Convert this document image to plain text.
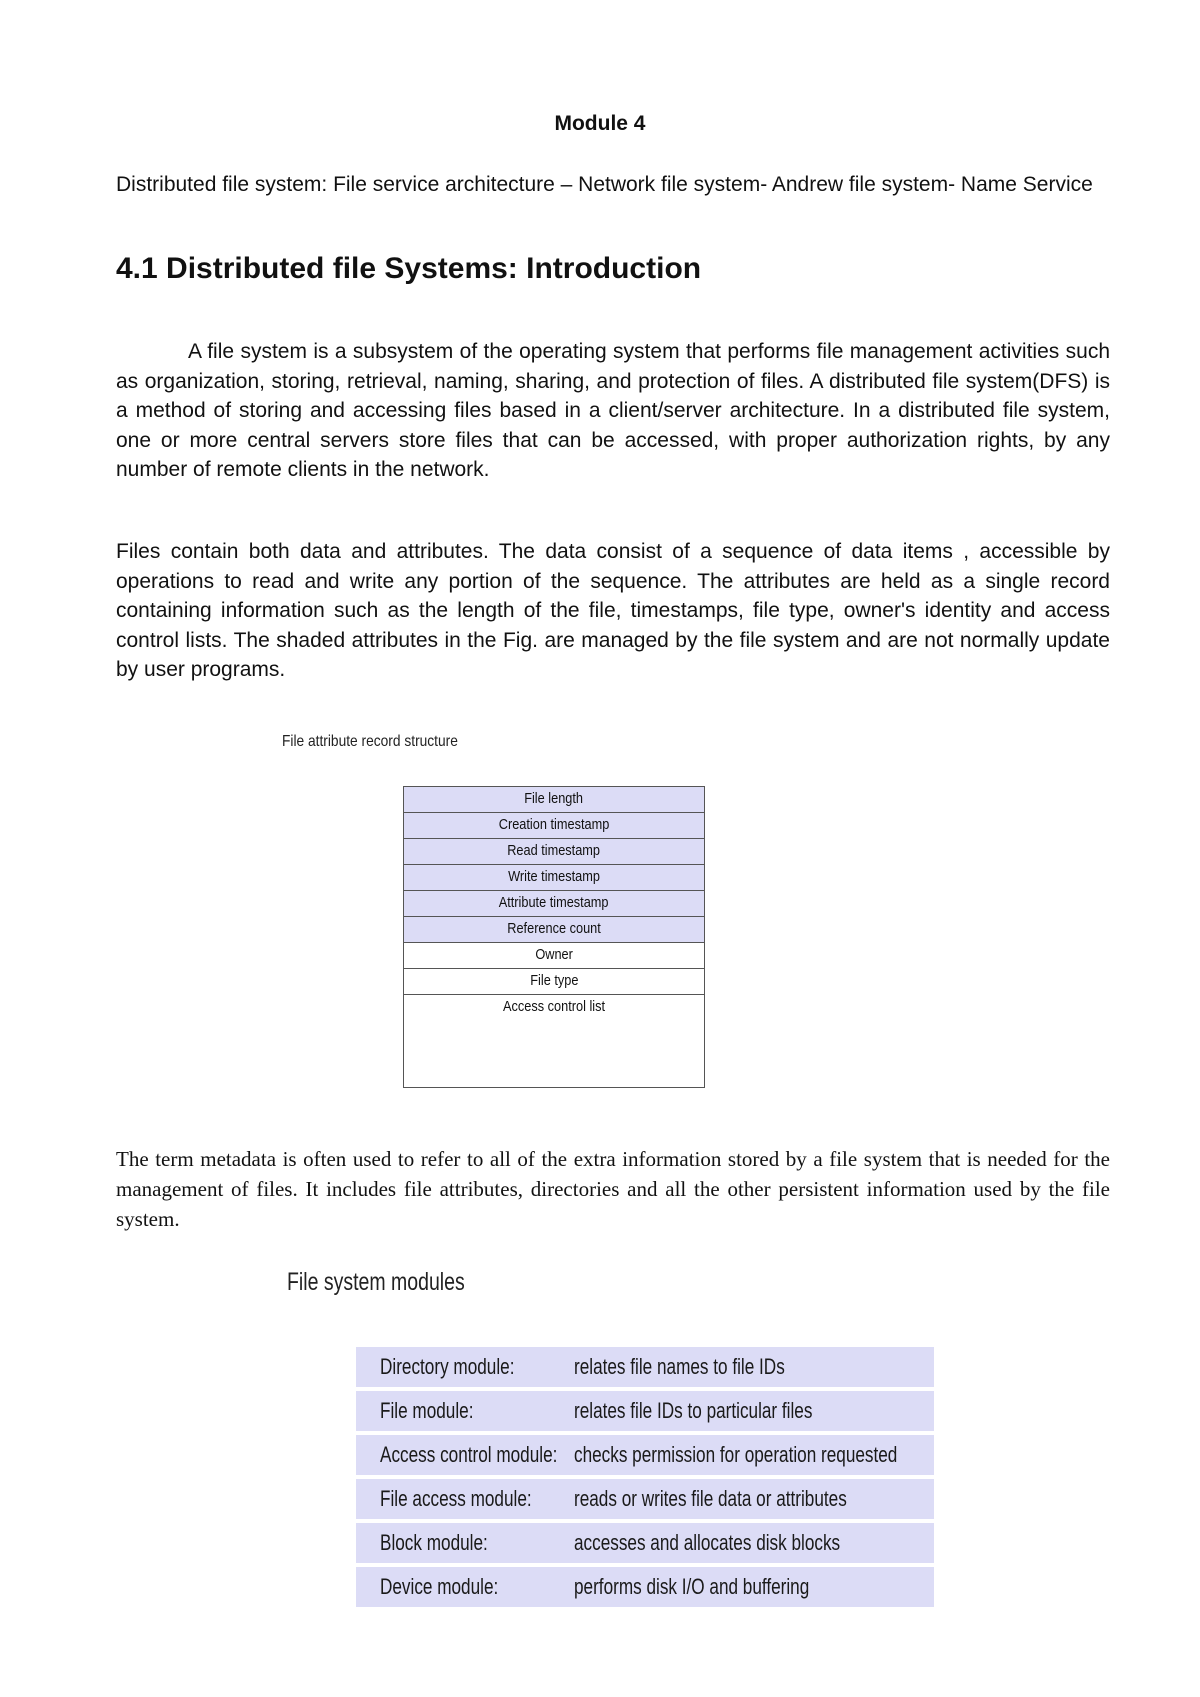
Module 4
Distributed file system: File service architecture – Network file system- Andrew file system- Name Service
4.1 Distributed file Systems: Introduction

A file system is a subsystem of the operating system that performs file management activities such as organization, storing, retrieval, naming, sharing, and protection of files. A distributed file system(DFS) is a method of storing and accessing files based in a client/server architecture. In a distributed file system, one or more central servers store files that can be accessed, with proper authorization rights, by any number of remote clients in the network.

Files contain both data and attributes. The data consist of a sequence of data items , accessible by operations to read and write any portion of the sequence. The attributes are held as a single record containing information such as the length of the file, timestamps, file type, owner's identity and access control lists. The shaded attributes in the Fig. are managed by the file system and are not normally update by user programs.

File attribute record structure
File length
Creation timestamp
Read timestamp
Write timestamp
Attribute timestamp
Reference count
Owner
File type
Access control list

The term metadata is often used to refer to all of the extra information stored by a file system that is needed for the management of files. It includes file attributes, directories and all the other persistent information used by the file system.

File system modules
Directory module:	relates file names to file IDs
File module:	relates file IDs to particular files
Access control module: checks permission for operation requested
File access module: reads or writes file data or attributes
Block module:	accesses and allocates disk blocks
Device module:	performs disk I/O and buffering
